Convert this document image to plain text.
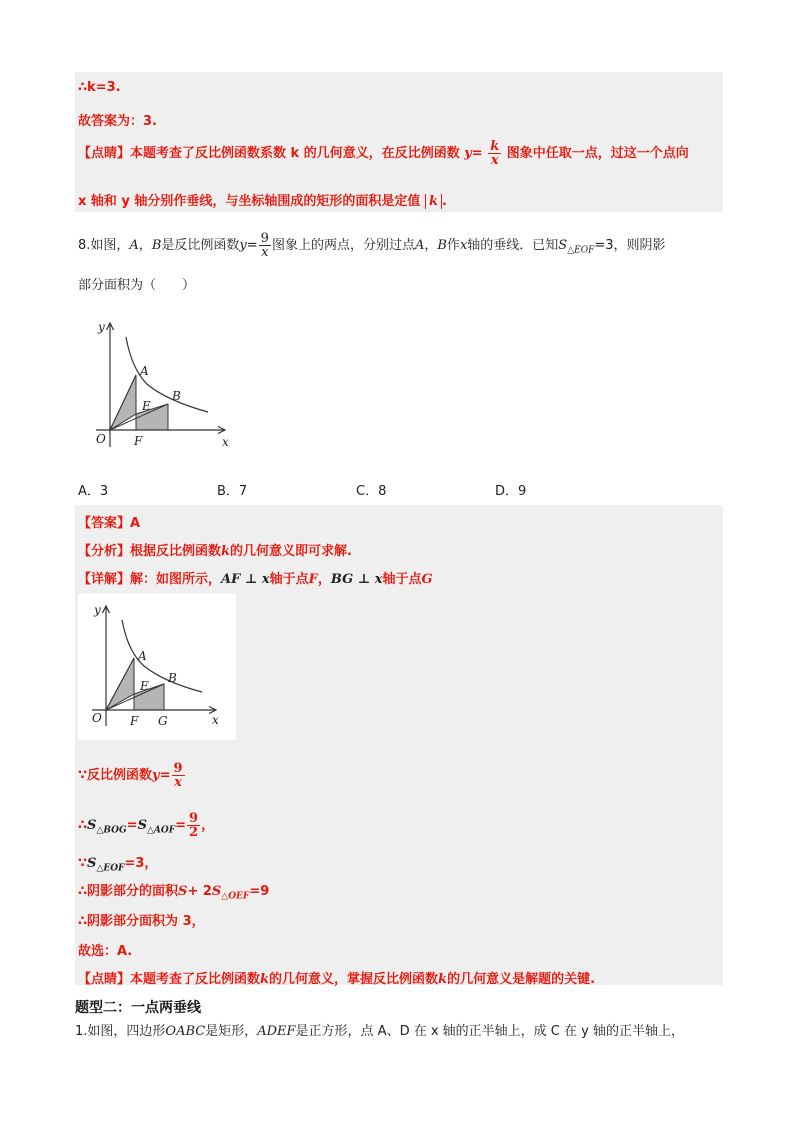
∴k=3.
故答案为：3.
【点睛】本题考查了反比例函数系数 k 的几何意义，在反比例函数 $y= \frac{k}{x}$ 图象中任取一点，过这一个点向
x 轴和 y 轴分别作垂线，与坐标轴围成的矩形的面积是定值 k .
8.如图，A，B是反比例函数$y= \frac{9}{x}$ 图象上的两点，分别过点A，B作x轴的垂线．已知$S_{\triangle EOF}=3$，则阴影
部分面积为（　　）
y
x
O
A
B
E
F
A．3	B．7	C．8	D．9
【答案】A
【分析】根据反比例函数k的几何意义即可求解.
【详解】解：如图所示，AF ⊥ x轴于点F，BG ⊥ x轴于点G
y
x
O
A
B
E
F G
∵反比例函数$y= \frac{9}{x}$
$\therefore S_{\triangle BOG}=S_{\triangle AOF}= \frac{9}{2}$ ，
$\because S_{\triangle EOF}=3$，
∴阴影部分的面积$S+ 2S_{\triangle OEF}=9$
∴阴影部分面积为 3，
故选：A.
【点睛】本题考查了反比例函数k的几何意义，掌握反比例函数k的几何意义是解题的关键.
题型二：一点两垂线
1.如图，四边形OABC是矩形，ADEF是正方形，点 A、D 在 x 轴的正半轴上，成 C 在 y 轴的正半轴上，
